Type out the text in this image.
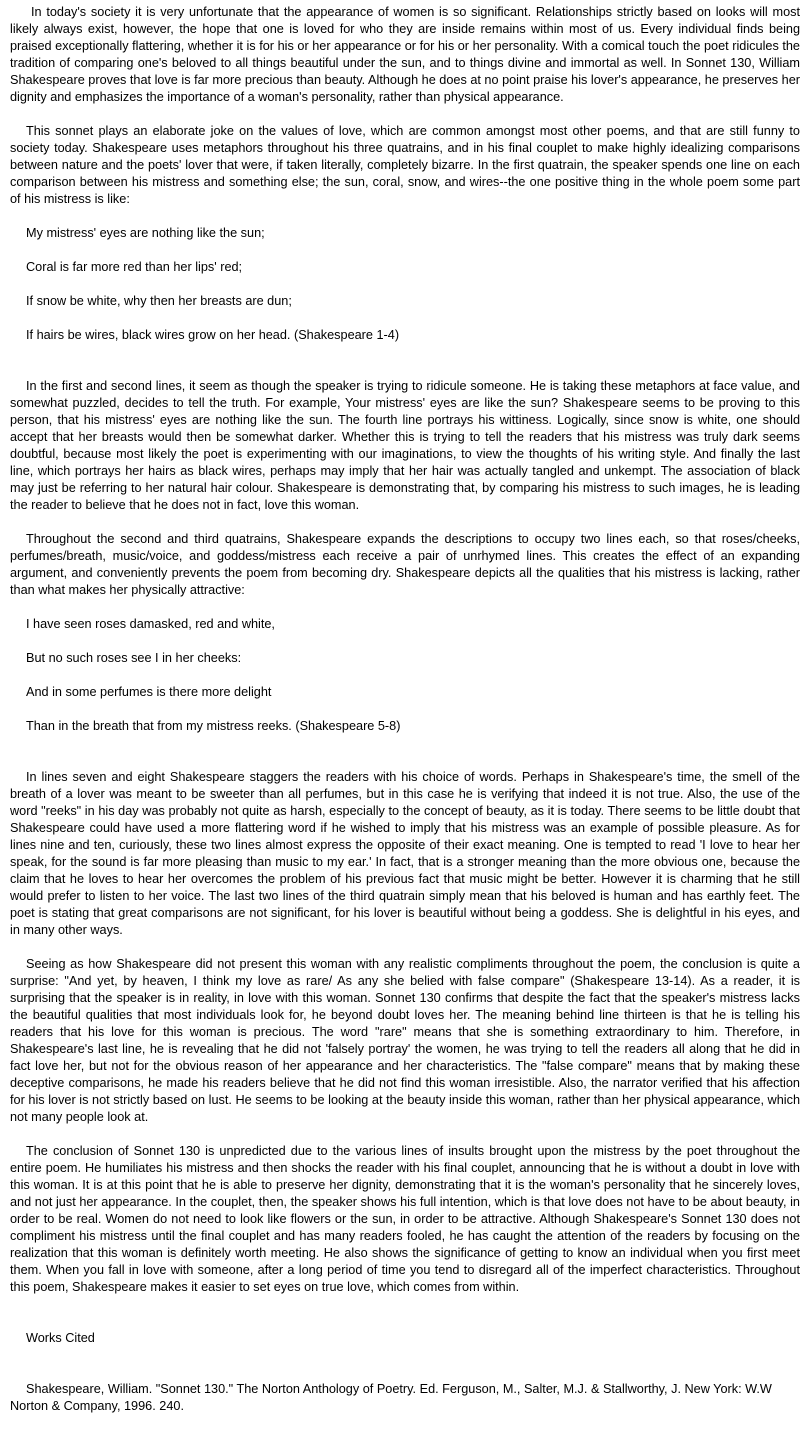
In today's society it is very unfortunate that the appearance of women is so significant. Relationships strictly based on looks will most likely always exist, however, the hope that one is loved for who they are inside remains within most of us. Every individual finds being praised exceptionally flattering, whether it is for his or her appearance or for his or her personality. With a comical touch the poet ridicules the tradition of comparing one's beloved to all things beautiful under the sun, and to things divine and immortal as well. In Sonnet 130, William Shakespeare proves that love is far more precious than beauty. Although he does at no point praise his lover's appearance, he preserves her dignity and emphasizes the importance of a woman's personality, rather than physical appearance.

This sonnet plays an elaborate joke on the values of love, which are common amongst most other poems, and that are still funny to society today. Shakespeare uses metaphors throughout his three quatrains, and in his final couplet to make highly idealizing comparisons between nature and the poets' lover that were, if taken literally, completely bizarre. In the first quatrain, the speaker spends one line on each comparison between his mistress and something else; the sun, coral, snow, and wires--the one positive thing in the whole poem some part of his mistress is like:

My mistress' eyes are nothing like the sun;
Coral is far more red than her lips' red;
If snow be white, why then her breasts are dun;
If hairs be wires, black wires grow on her head. (Shakespeare 1-4)

In the first and second lines, it seem as though the speaker is trying to ridicule someone. He is taking these metaphors at face value, and somewhat puzzled, decides to tell the truth. For example, Your mistress' eyes are like the sun? Shakespeare seems to be proving to this person, that his mistress' eyes are nothing like the sun. The fourth line portrays his wittiness. Logically, since snow is white, one should accept that her breasts would then be somewhat darker. Whether this is trying to tell the readers that his mistress was truly dark seems doubtful, because most likely the poet is experimenting with our imaginations, to view the thoughts of his writing style. And finally the last line, which portrays her hairs as black wires, perhaps may imply that her hair was actually tangled and unkempt. The association of black may just be referring to her natural hair colour. Shakespeare is demonstrating that, by comparing his mistress to such images, he is leading the reader to believe that he does not in fact, love this woman.

Throughout the second and third quatrains, Shakespeare expands the descriptions to occupy two lines each, so that roses/cheeks, perfumes/breath, music/voice, and goddess/mistress each receive a pair of unrhymed lines. This creates the effect of an expanding argument, and conveniently prevents the poem from becoming dry. Shakespeare depicts all the qualities that his mistress is lacking, rather than what makes her physically attractive:

I have seen roses damasked, red and white,
But no such roses see I in her cheeks:
And in some perfumes is there more delight
Than in the breath that from my mistress reeks. (Shakespeare 5-8)

In lines seven and eight Shakespeare staggers the readers with his choice of words. Perhaps in Shakespeare's time, the smell of the breath of a lover was meant to be sweeter than all perfumes, but in this case he is verifying that indeed it is not true. Also, the use of the word "reeks" in his day was probably not quite as harsh, especially to the concept of beauty, as it is today. There seems to be little doubt that Shakespeare could have used a more flattering word if he wished to imply that his mistress was an example of possible pleasure. As for lines nine and ten, curiously, these two lines almost express the opposite of their exact meaning. One is tempted to read 'I love to hear her speak, for the sound is far more pleasing than music to my ear.' In fact, that is a stronger meaning than the more obvious one, because the claim that he loves to hear her overcomes the problem of his previous fact that music might be better. However it is charming that he still would prefer to listen to her voice. The last two lines of the third quatrain simply mean that his beloved is human and has earthly feet. The poet is stating that great comparisons are not significant, for his lover is beautiful without being a goddess. She is delightful in his eyes, and in many other ways.

Seeing as how Shakespeare did not present this woman with any realistic compliments throughout the poem, the conclusion is quite a surprise: "And yet, by heaven, I think my love as rare/ As any she belied with false compare" (Shakespeare 13-14). As a reader, it is surprising that the speaker is in reality, in love with this woman. Sonnet 130 confirms that despite the fact that the speaker's mistress lacks the beautiful qualities that most individuals look for, he beyond doubt loves her. The meaning behind line thirteen is that he is telling his readers that his love for this woman is precious. The word "rare" means that she is something extraordinary to him. Therefore, in Shakespeare's last line, he is revealing that he did not 'falsely portray' the women, he was trying to tell the readers all along that he did in fact love her, but not for the obvious reason of her appearance and her characteristics. The "false compare" means that by making these deceptive comparisons, he made his readers believe that he did not find this woman irresistible. Also, the narrator verified that his affection for his lover is not strictly based on lust. He seems to be looking at the beauty inside this woman, rather than her physical appearance, which not many people look at.

The conclusion of Sonnet 130 is unpredicted due to the various lines of insults brought upon the mistress by the poet throughout the entire poem. He humiliates his mistress and then shocks the reader with his final couplet, announcing that he is without a doubt in love with this woman. It is at this point that he is able to preserve her dignity, demonstrating that it is the woman's personality that he sincerely loves, and not just her appearance. In the couplet, then, the speaker shows his full intention, which is that love does not have to be about beauty, in order to be real. Women do not need to look like flowers or the sun, in order to be attractive. Although Shakespeare's Sonnet 130 does not compliment his mistress until the final couplet and has many readers fooled, he has caught the attention of the readers by focusing on the realization that this woman is definitely worth meeting. He also shows the significance of getting to know an individual when you first meet them. When you fall in love with someone, after a long period of time you tend to disregard all of the imperfect characteristics. Throughout this poem, Shakespeare makes it easier to set eyes on true love, which comes from within.

Works Cited

Shakespeare, William. "Sonnet 130." The Norton Anthology of Poetry. Ed. Ferguson, M., Salter, M.J. & Stallworthy, J. New York: W.W Norton & Company, 1996. 240.
